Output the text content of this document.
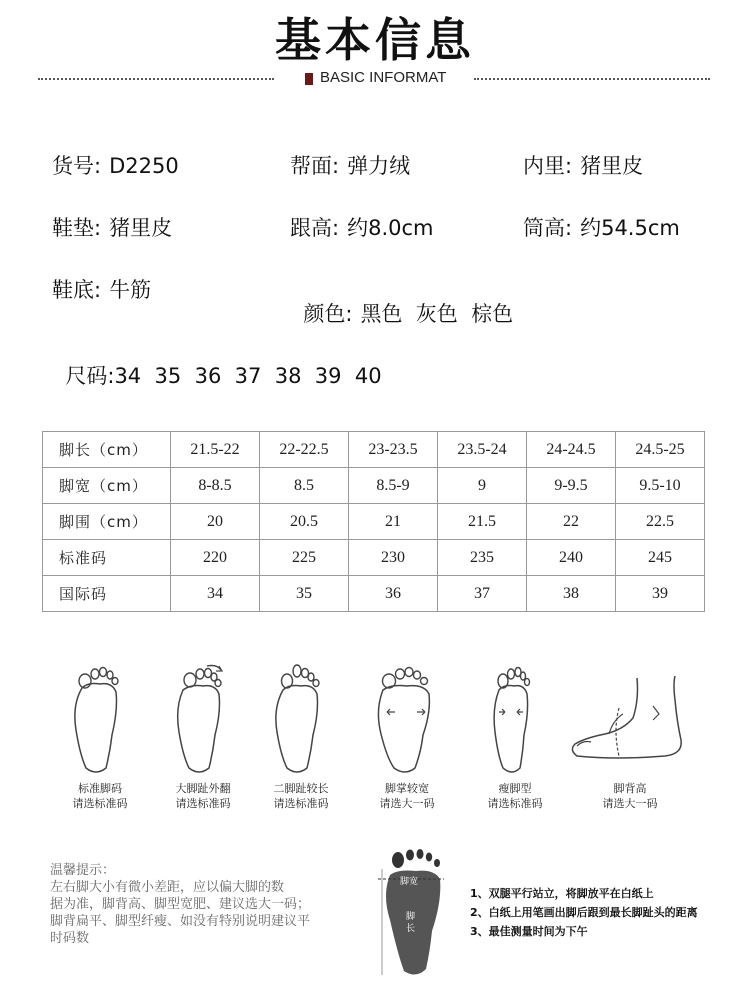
基本信息
BASIC INFORMAT
货号: D2250	帮面: 弹力绒	内里: 猪里皮
鞋垫: 猪里皮	跟高: 约8.0cm	筒高: 约54.5cm
鞋底: 牛筋

颜色: 黑色  灰色  棕色

尺码:34  35  36  37  38  39  40

脚长（cm）	21.5-22	22-22.5	23-23.5	23.5-24	24-24.5	24.5-25
脚宽（cm）	8-8.5	8.5	8.5-9	9	9-9.5	9.5-10
脚围（cm）	20	20.5	21	21.5	22	22.5
标准码	220	225	230	235	240	245
国际码	34	35	36	37	38	39
标准脚码
请选标准码
大脚趾外翻
请选标准码
二脚趾较长
请选标准码
脚掌较宽
请选大一码
瘦脚型
请选标准码
脚背高
请选大一码
温馨提示：
左右脚大小有微小差距，应以偏大脚的数
据为准，脚背高、脚型宽肥、建议选大一码；
脚背扁平、脚型纤瘦、如没有特别说明建议平
时码数
脚宽
脚
长
1、双腿平行站立，将脚放平在白纸上
2、白纸上用笔画出脚后跟到最长脚趾头的距离
3、最佳测量时间为下午
